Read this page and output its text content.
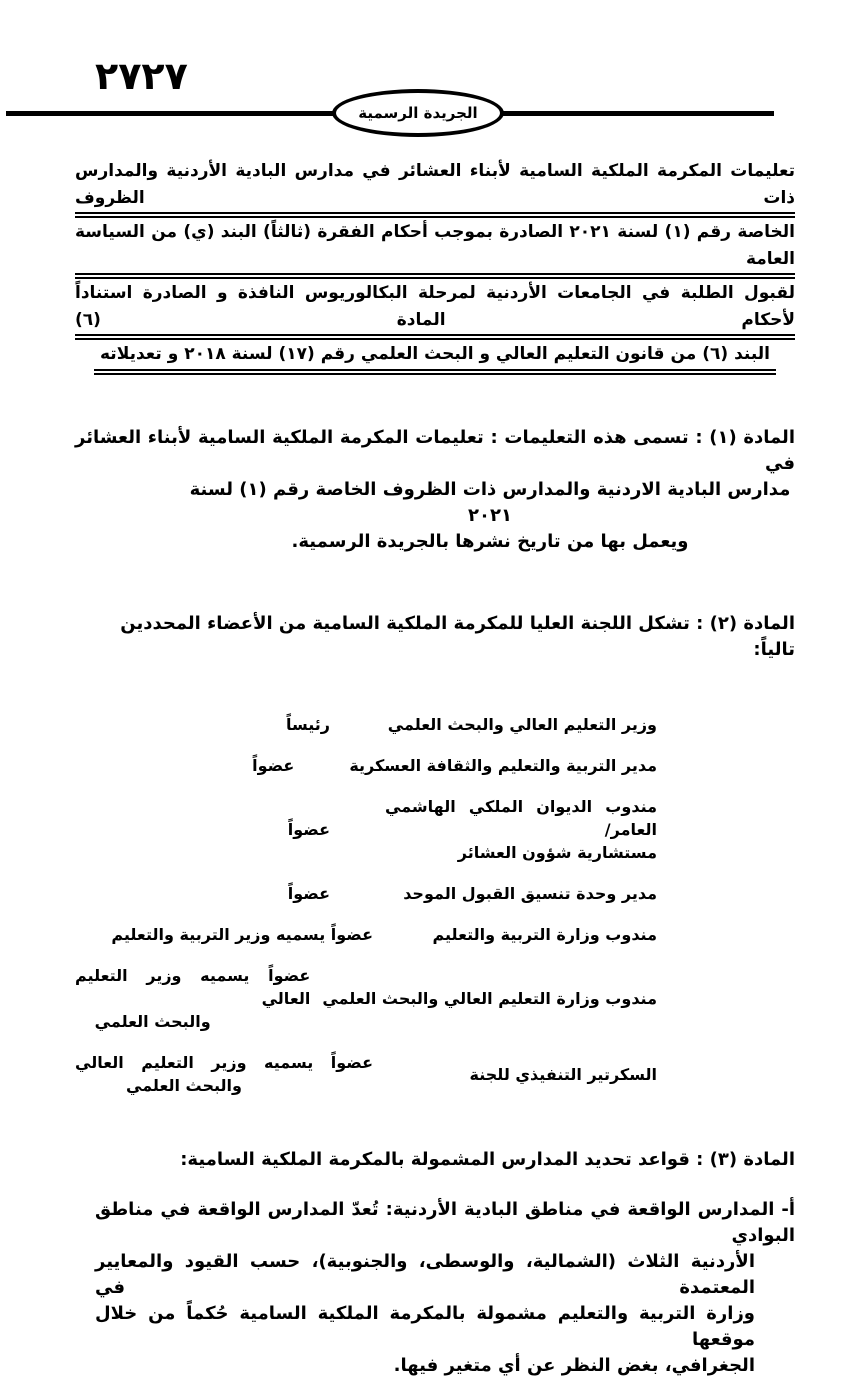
٢٧٢٧
الجريدة الرسمية
تعليمات المكرمة الملكية السامية لأبناء العشائر في مدارس البادية الأردنية والمدارس ذات الظروف
الخاصة رقم (١) لسنة ٢٠٢١ الصادرة بموجب أحكام الفقرة (ثالثاً) البند (ي) من السياسة العامة
لقبول الطلبة في الجامعات الأردنية لمرحلة البكالوريوس النافذة و الصادرة استناداً لأحكام المادة (٦)
البند (٦) من قانون التعليم العالي و البحث العلمي رقم (١٧) لسنة ٢٠١٨ و تعديلاته
المادة (١) : تسمى هذه التعليمات : تعليمات المكرمة الملكية السامية لأبناء العشائر في
مدارس البادية الاردنية والمدارس ذات الظروف الخاصة رقم (١) لسنة ٢٠٢١
ويعمل بها من تاريخ نشرها بالجريدة الرسمية.
المادة (٢) : تشكل اللجنة العليا للمكرمة الملكية السامية من الأعضاء المحددين تالياً:
وزير التعليم العالي والبحث العلمي
رئيساً
مدير التربية والتعليم والثقافة العسكرية
عضواً
مندوب الديوان الملكي الهاشمي العامر/
مستشارية شؤون العشائر
عضواً
مدير وحدة تنسيق القبول الموحد
عضواً
مندوب وزارة التربية والتعليم
عضواً يسميه وزير التربية والتعليم
مندوب وزارة التعليم العالي والبحث العلمي
عضواً يسميه وزير التعليم العالي
والبحث العلمي
السكرتير التنفيذي للجنة
عضواً يسميه وزير التعليم العالي
والبحث العلمي
المادة (٣) : قواعد تحديد المدارس المشمولة بالمكرمة الملكية السامية:
أ- المدارس الواقعة في مناطق البادية الأردنية: تُعدّ المدارس الواقعة في مناطق البوادي
الأردنية الثلاث (الشمالية، والوسطى، والجنوبية)، حسب القيود والمعايير المعتمدة في
وزارة التربية والتعليم مشمولة بالمكرمة الملكية السامية حُكماً من خلال موقعها
الجغرافي، بغض النظر عن أي متغير فيها.
